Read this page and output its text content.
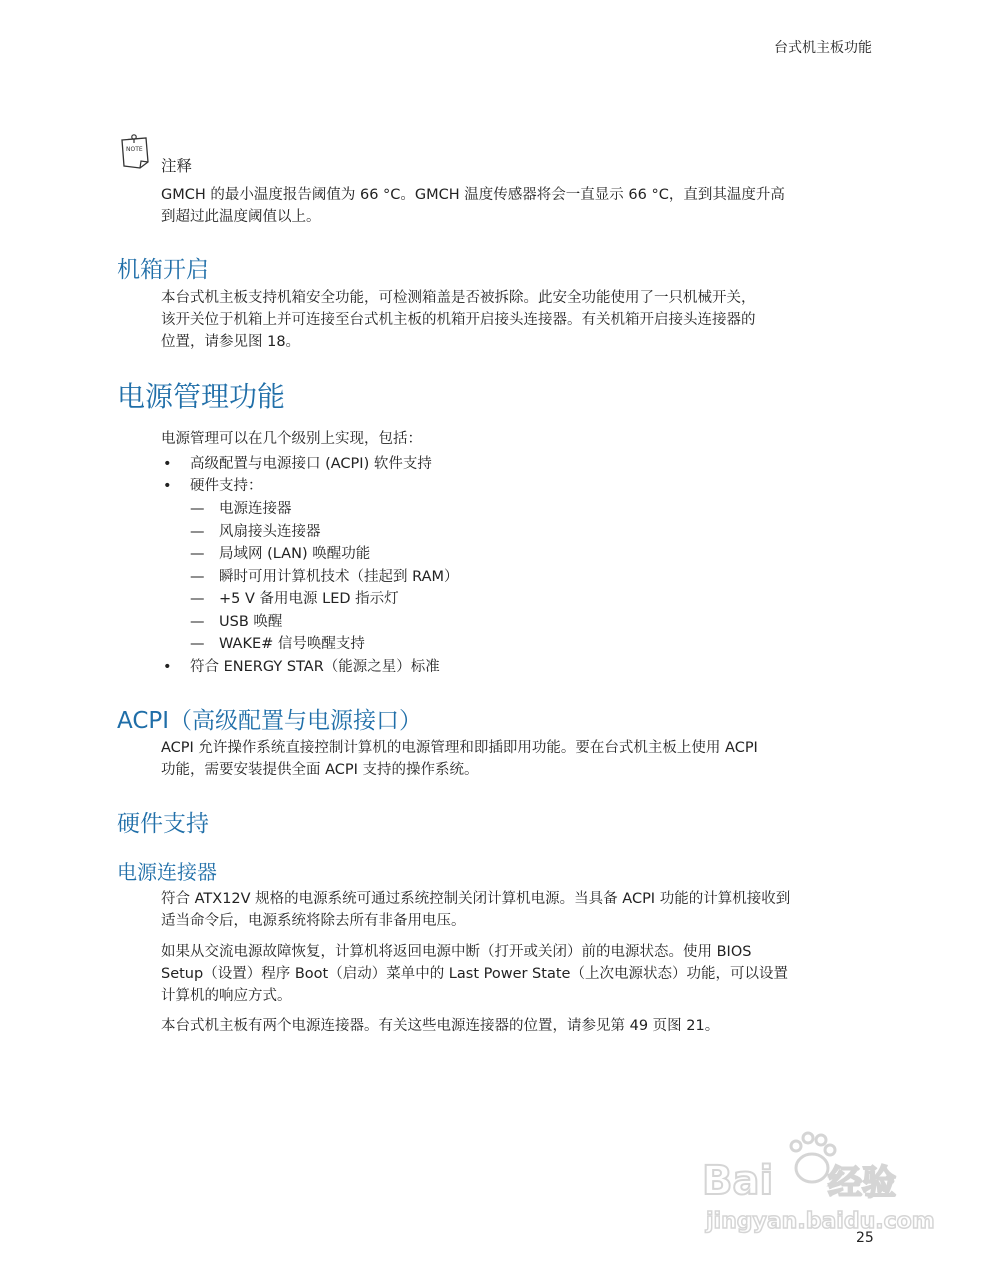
台式机主板功能
NOTE
注释

GMCH 的最小温度报告阈值为 66 °C。GMCH 温度传感器将会一直显示 66 °C，直到其温度升高

到超过此温度阈值以上。

机箱开启

本台式机主板支持机箱安全功能，可检测箱盖是否被拆除。此安全功能使用了一只机械开关，

该开关位于机箱上并可连接至台式机主板的机箱开启接头连接器。有关机箱开启接头连接器的

位置，请参见图 18。

电源管理功能
电源管理可以在几个级别上实现，包括：
• 高级配置与电源接口 (ACPI) 软件支持
• 硬件支持：
— 电源连接器
— 风扇接头连接器
— 局域网 (LAN) 唤醒功能
— 瞬时可用计算机技术（挂起到 RAM）
— +5 V 备用电源 LED 指示灯
— USB 唤醒
— WAKE# 信号唤醒支持
• 符合 ENERGY STAR（能源之星）标准
ACPI（高级配置与电源接口）

ACPI 允许操作系统直接控制计算机的电源管理和即插即用功能。要在台式机主板上使用 ACPI

功能，需要安装提供全面 ACPI 支持的操作系统。

硬件支持
电源连接器

符合 ATX12V 规格的电源系统可通过系统控制关闭计算机电源。当具备 ACPI 功能的计算机接收到

适当命令后，电源系统将除去所有非备用电压。

如果从交流电源故障恢复，计算机将返回电源中断（打开或关闭）前的电源状态。使用 BIOS

Setup（设置）程序 Boot（启动）菜单中的 Last Power State（上次电源状态）功能，可以设置

计算机的响应方式。

本台式机主板有两个电源连接器。有关这些电源连接器的位置，请参见第 49 页图 21。
Bai 经验
jingyan.baidu.com
25
